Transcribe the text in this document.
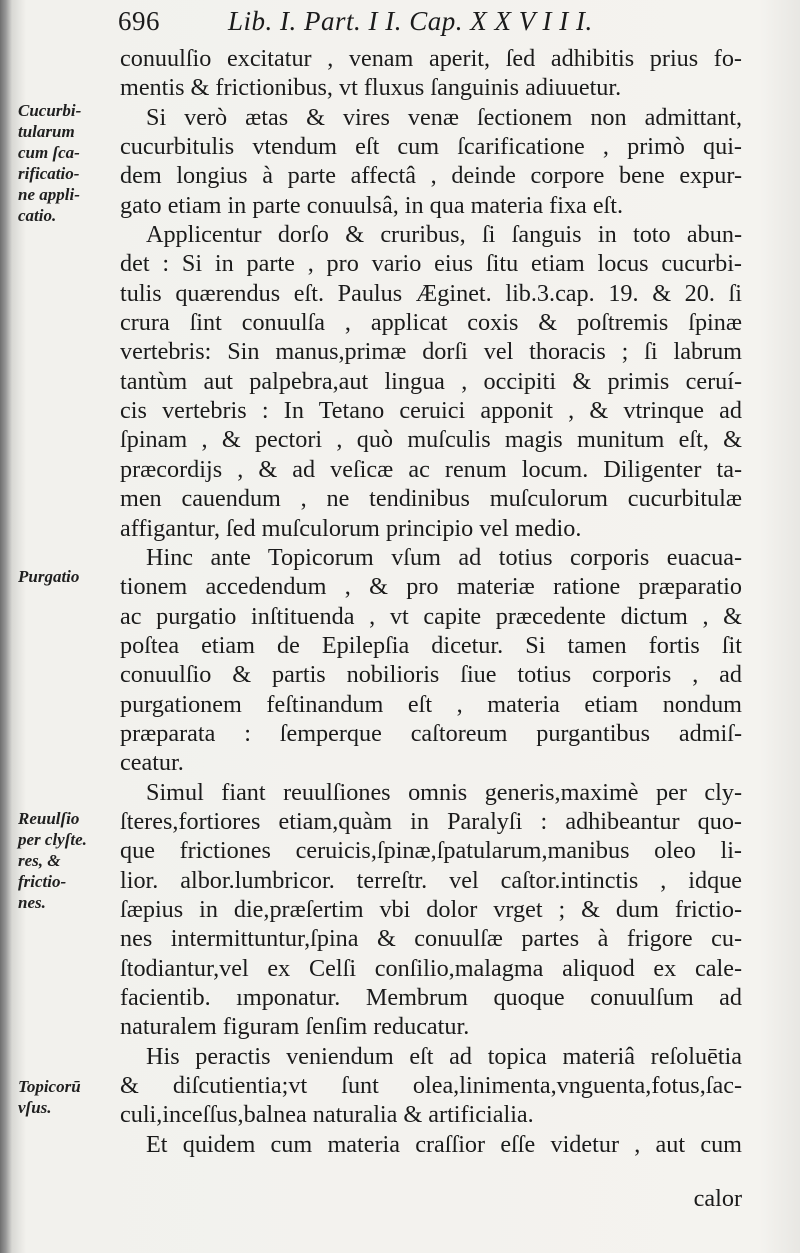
696	Lib. I. Part. I I. Cap. X X V I I I.
conuulſio excitatur , venam aperit, ſed adhibitis prius fo-
mentis & frictionibus, vt fluxus ſanguinis adiuuetur.
Si verò ætas & vires venæ ſectionem non admittant,
cucurbitulis vtendum eſt cum ſcarificatione , primò qui-
dem longius à parte affectâ , deinde corpore bene expur-
gato etiam in parte conuulsâ, in qua materia fixa eſt.
Applicentur dorſo & cruribus, ſi ſanguis in toto abun-
det : Si in parte , pro vario eius ſitu etiam locus cucurbi-
tulis quærendus eſt. Paulus Æginet. lib.3.cap. 19. & 20. ſi
crura ſint conuulſa , applicat coxis & poſtremis ſpinæ
vertebris: Sin manus,primæ dorſi vel thoracis ; ſi labrum
tantùm aut palpebra,aut lingua , occipiti & primis ceruí-
cis vertebris : In Tetano ceruici apponit , & vtrinque ad
ſpinam , & pectori , quò muſculis magis munitum eſt, &
præcordijs , & ad veſicæ ac renum locum. Diligenter ta-
men cauendum , ne tendinibus muſculorum cucurbitulæ
affigantur, ſed muſculorum principio vel medio.
Hinc ante Topicorum vſum ad totius corporis euacua-
tionem accedendum , & pro materiæ ratione præparatio
ac purgatio inſtituenda , vt capite præcedente dictum , &
poſtea etiam de Epilepſia dicetur. Si tamen fortis ſit
conuulſio & partis nobilioris ſiue totius corporis , ad
purgationem feſtinandum eſt , materia etiam nondum
præparata : ſemperque caſtoreum purgantibus admiſ-
ceatur.
Simul fiant reuulſiones omnis generis,maximè per cly-
ſteres,fortiores etiam,quàm in Paralyſi : adhibeantur quo-
que frictiones ceruicis,ſpinæ,ſpatularum,manibus oleo li-
lior. albor.lumbricor. terreſtr. vel caſtor.intinctis , idque
ſæpius in die,præſertim vbi dolor vrget ; & dum frictio-
nes intermittuntur,ſpina & conuulſæ partes à frigore cu-
ſtodiantur,vel ex Celſi conſilio,malagma aliquod ex cale-
facientib. ımponatur. Membrum quoque conuulſum ad
naturalem figuram ſenſim reducatur.
His peractis veniendum eſt ad topica materiâ reſoluētia
& diſcutientia;vt ſunt olea,linimenta,vnguenta,fotus,ſac-
culi,inceſſus,balnea naturalia & artificialia.
Et quidem cum materia craſſior eſſe videtur , aut cum
Cucurbi-
tularum
cum ſca-
rificatio-
ne appli-
catio.
Purgatio
Reuulſio
per clyſte.
res, &
frictio-
nes.
Topicorū
vſus.
calor
